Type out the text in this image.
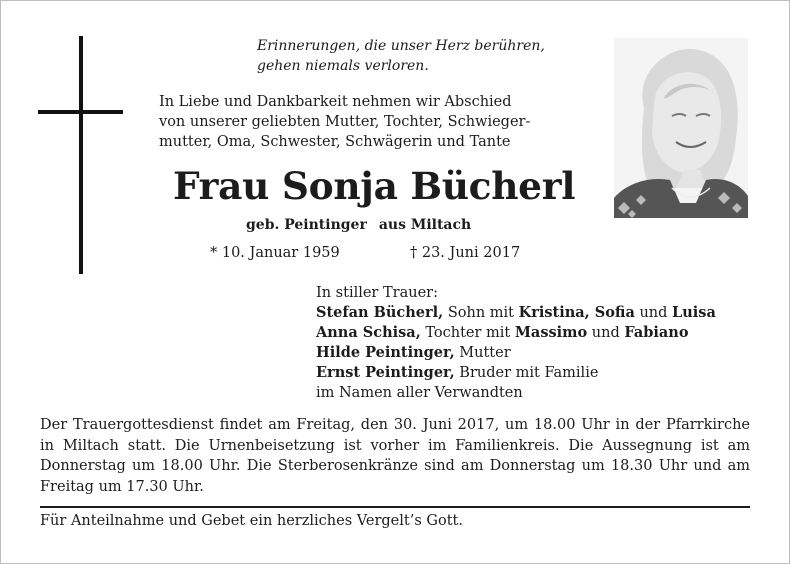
Erinnerungen, die unser Herz berühren,
gehen niemals verloren.
In Liebe und Dankbarkeit nehmen wir Abschied
von unserer geliebten Mutter, Tochter, Schwieger-
mutter, Oma, Schwester, Schwägerin und Tante
Frau Sonja Bücherl
geb. Peintinger aus Miltach
* 10. Januar 1959	† 23. Juni 2017
In stiller Trauer:
Stefan Bücherl, Sohn mit Kristina, Sofia und Luisa
Anna Schisa, Tochter mit Massimo und Fabiano
Hilde Peintinger, Mutter
Ernst Peintinger, Bruder mit Familie
im Namen aller Verwandten
Der Trauergottesdienst findet am Freitag, den 30. Juni 2017, um 18.00 Uhr in der Pfarrkirche in Miltach statt. Die Urnenbeisetzung ist vorher im Familienkreis. Die Aussegnung ist am Donnerstag um 18.00 Uhr. Die Sterberosenkränze sind am Donnerstag um 18.30 Uhr und am Freitag um 17.30 Uhr.
Für Anteilnahme und Gebet ein herzliches Vergelt’s Gott.
